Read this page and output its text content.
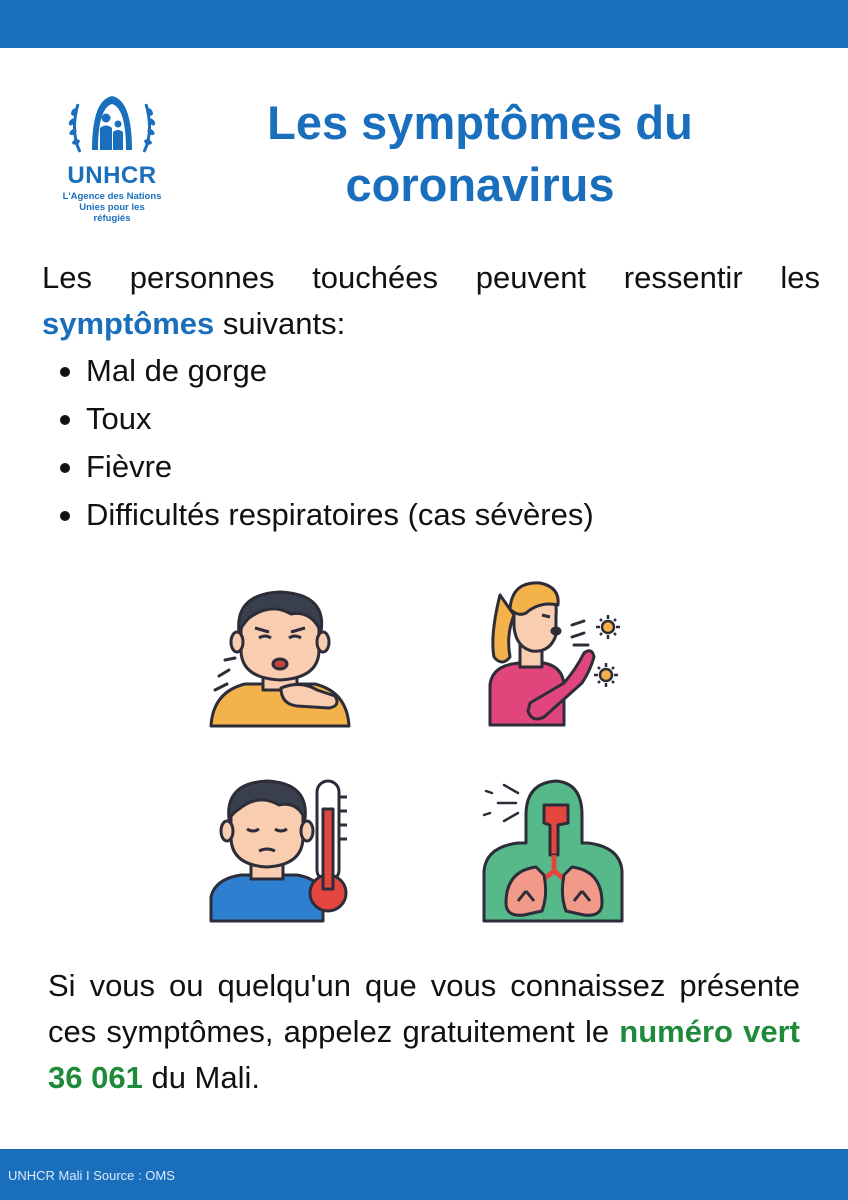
UNHCR
L'Agence des Nations
Unies pour les réfugiés
Les symptômes du
coronavirus

Les personnes touchées peuvent ressentir les symptômes suivants:

Mal de gorge
Toux
Fièvre
Difficultés respiratoires (cas sévères)

Si vous ou quelqu'un que vous connaissez présente ces symptômes, appelez gratuitement le numéro vert 36 061 du Mali.

UNHCR Mali I Source : OMS
